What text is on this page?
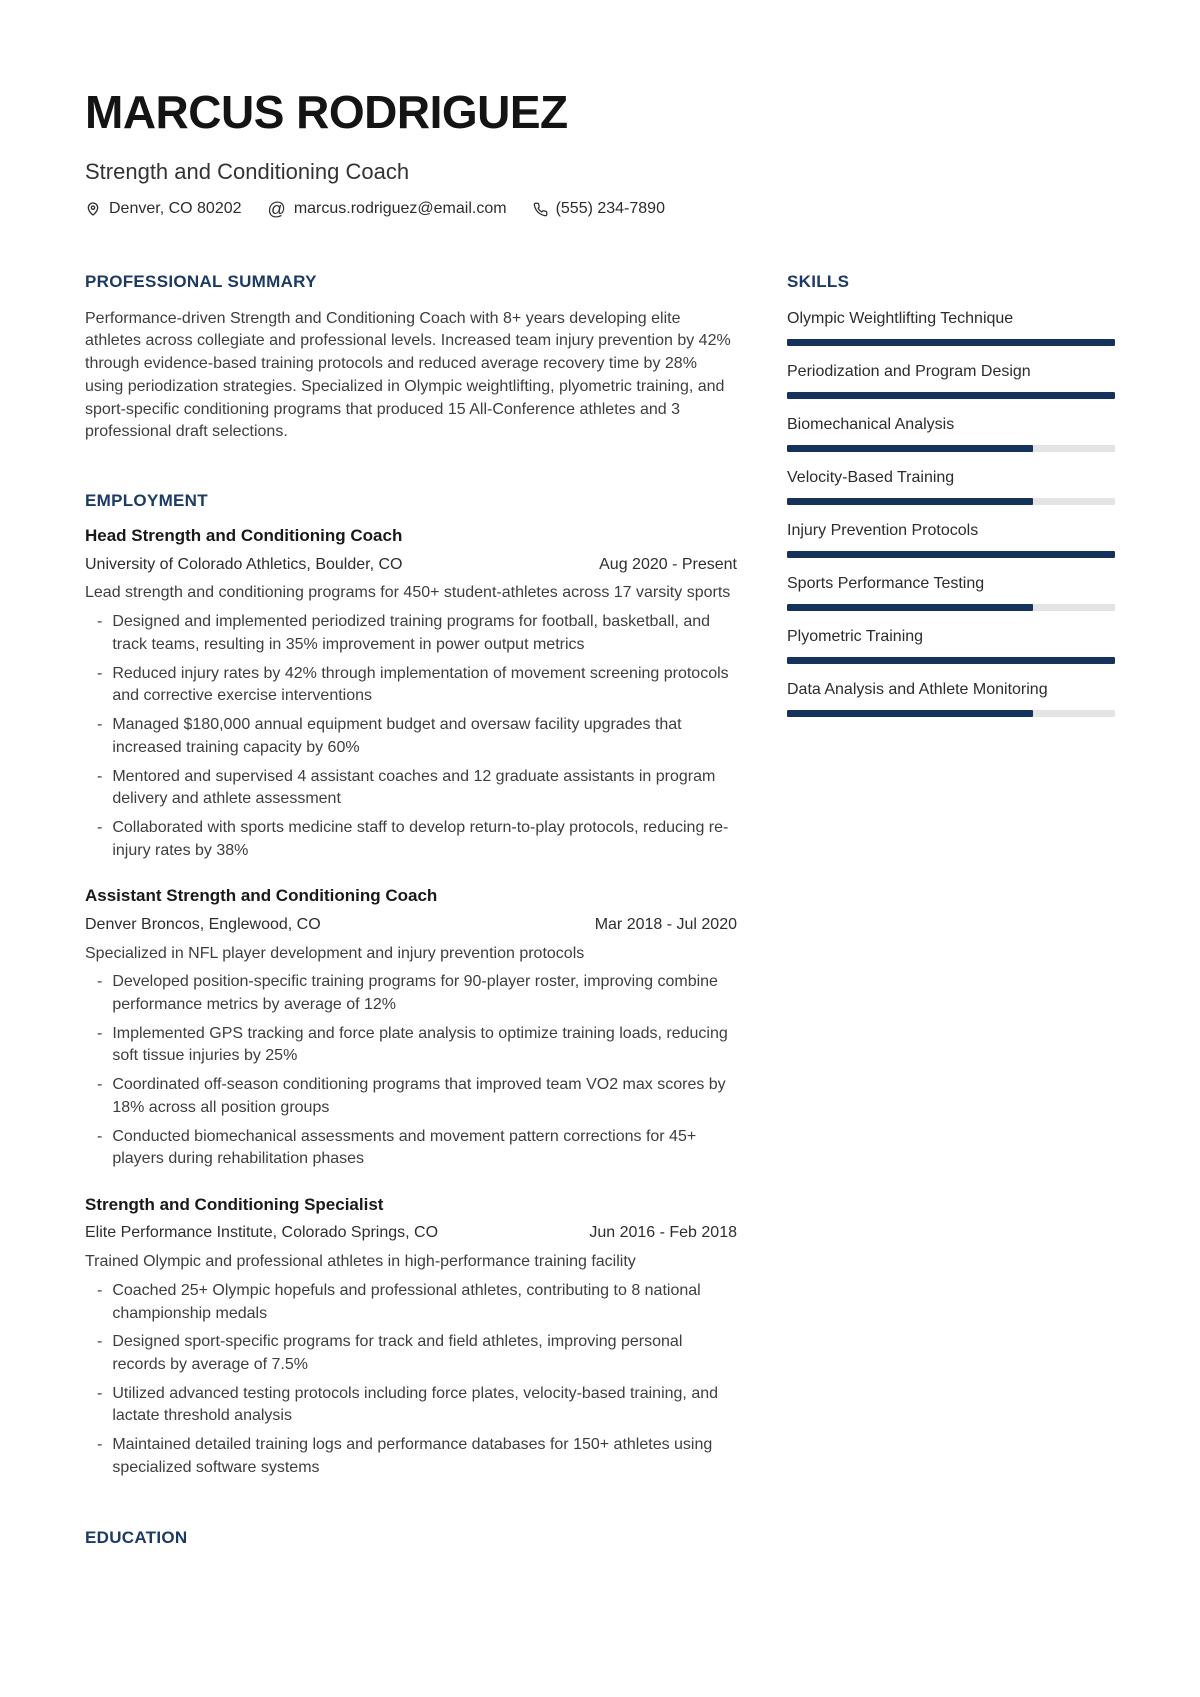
MARCUS RODRIGUEZ
Strength and Conditioning Coach
Denver, CO 80202 @ marcus.rodriguez@email.com	(555) 234-7890
PROFESSIONAL SUMMARY

Performance-driven Strength and Conditioning Coach with 8+ years developing elite athletes across collegiate and professional levels. Increased team injury prevention by 42% through evidence-based training protocols and reduced average recovery time by 28% using periodization strategies. Specialized in Olympic weightlifting, plyometric training, and sport-specific conditioning programs that produced 15 All-Conference athletes and 3 professional draft selections.

EMPLOYMENT
Head Strength and Conditioning Coach
University of Colorado Athletics, Boulder, CO	Aug 2020 - Present

Lead strength and conditioning programs for 450+ student-athletes across 17 varsity sports

- Designed and implemented periodized training programs for football, basketball, and track teams, resulting in 35% improvement in power output metrics
- Reduced injury rates by 42% through implementation of movement screening protocols and corrective exercise interventions
- Managed $180,000 annual equipment budget and oversaw facility upgrades that increased training capacity by 60%
- Mentored and supervised 4 assistant coaches and 12 graduate assistants in program delivery and athlete assessment
- Collaborated with sports medicine staff to develop return-to-play protocols, reducing re-injury rates by 38%
Assistant Strength and Conditioning Coach
Denver Broncos, Englewood, CO	Mar 2018 - Jul 2020

Specialized in NFL player development and injury prevention protocols

- Developed position-specific training programs for 90-player roster, improving combine performance metrics by average of 12%
- Implemented GPS tracking and force plate analysis to optimize training loads, reducing soft tissue injuries by 25%
- Coordinated off-season conditioning programs that improved team VO2 max scores by 18% across all position groups
- Conducted biomechanical assessments and movement pattern corrections for 45+ players during rehabilitation phases
Strength and Conditioning Specialist
Elite Performance Institute, Colorado Springs, CO	Jun 2016 - Feb 2018

Trained Olympic and professional athletes in high-performance training facility

- Coached 25+ Olympic hopefuls and professional athletes, contributing to 8 national championship medals
- Designed sport-specific programs for track and field athletes, improving personal records by average of 7.5%
- Utilized advanced testing protocols including force plates, velocity-based training, and lactate threshold analysis
- Maintained detailed training logs and performance databases for 150+ athletes using specialized software systems
EDUCATION
SKILLS
Olympic Weightlifting Technique
Periodization and Program Design
Biomechanical Analysis
Velocity-Based Training
Injury Prevention Protocols
Sports Performance Testing
Plyometric Training
Data Analysis and Athlete Monitoring
